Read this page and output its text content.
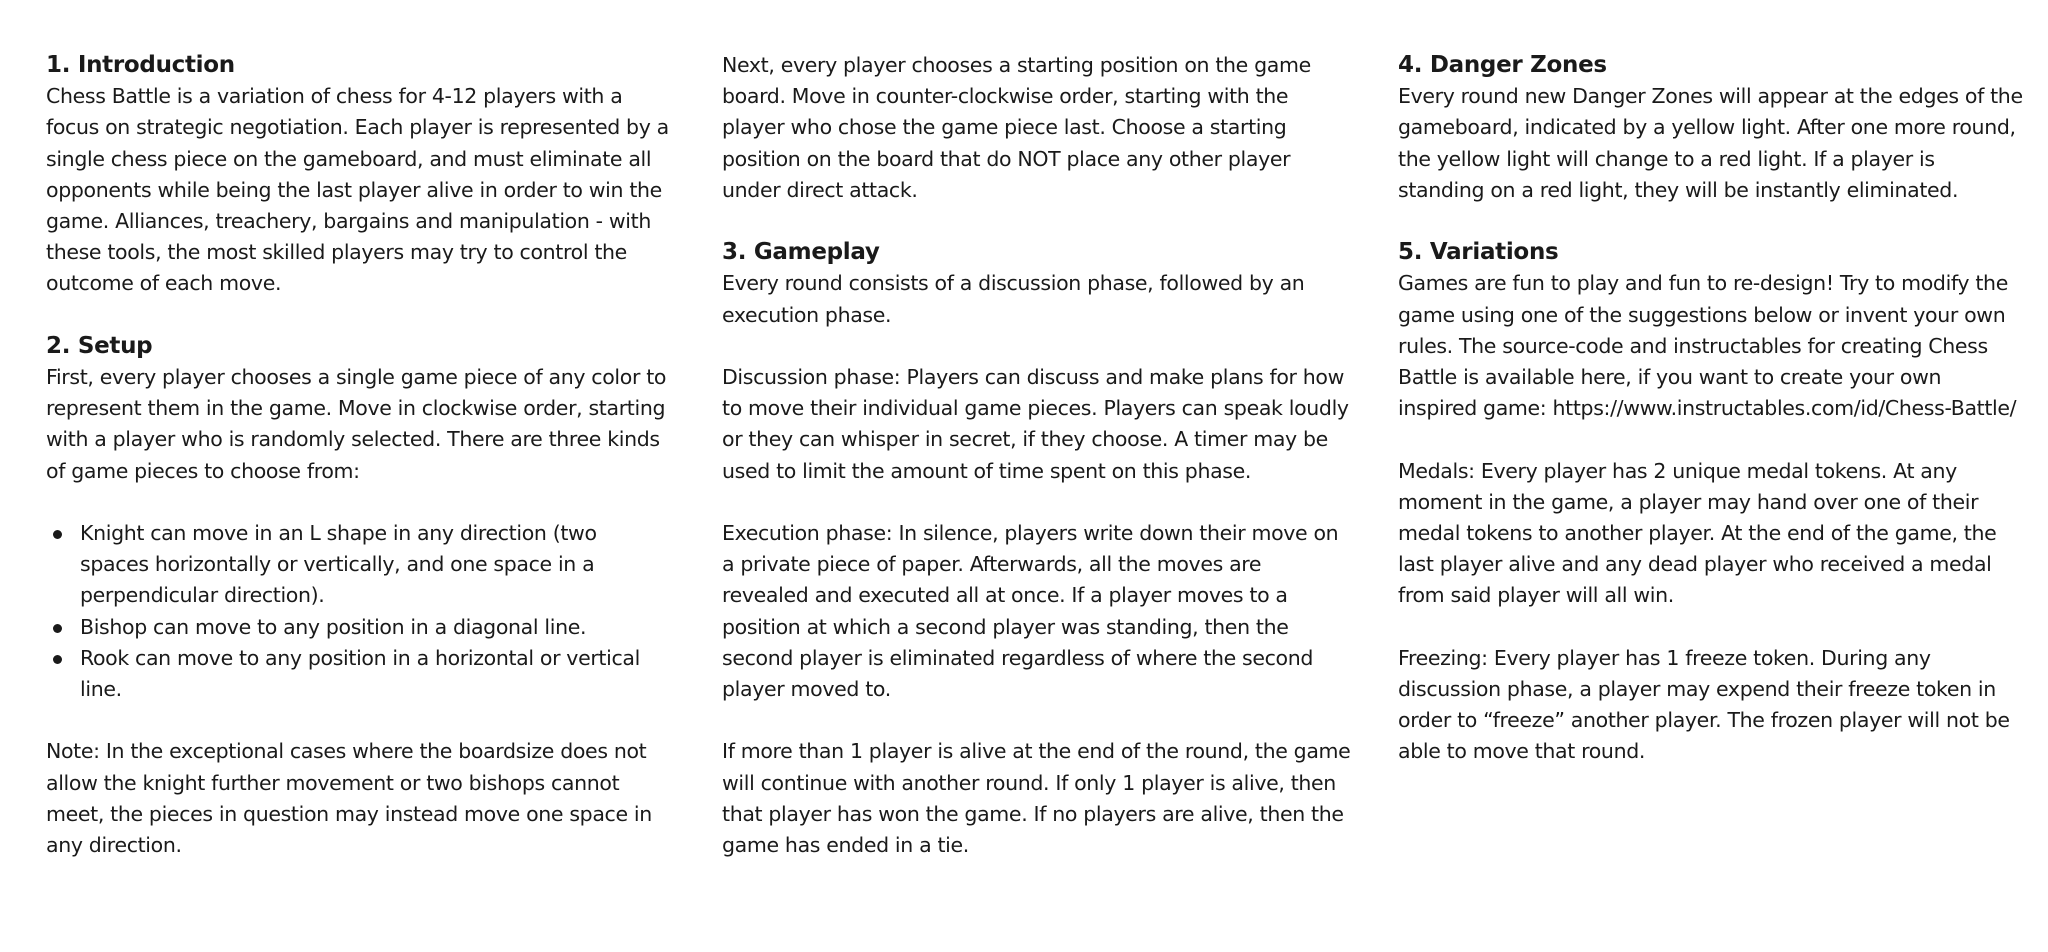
1. Introduction
Chess Battle is a variation of chess for 4-12 players with a focus on strategic negotiation. Each player is represented by a single chess piece on the gameboard, and must eliminate all opponents while being the last player alive in order to win the game. Alliances, treachery, bargains and manipulation - with these tools, the most skilled players may try to control the outcome of each move.
2. Setup
First, every player chooses a single game piece of any color to represent them in the game. Move in clockwise order, starting with a player who is randomly selected. There are three kinds of game pieces to choose from:
Knight can move in an L shape in any direction (two spaces horizontally or vertically, and one space in a perpendicular direction).
Bishop can move to any position in a diagonal line.
Rook can move to any position in a horizontal or vertical line.
Note: In the exceptional cases where the boardsize does not allow the knight further movement or two bishops cannot meet, the pieces in question may instead move one space in any direction.
Next, every player chooses a starting position on the game board. Move in counter-clockwise order, starting with the player who chose the game piece last. Choose a starting position on the board that do NOT place any other player under direct attack.
3. Gameplay
Every round consists of a discussion phase, followed by an execution phase.
Discussion phase: Players can discuss and make plans for how to move their individual game pieces. Players can speak loudly or they can whisper in secret, if they choose. A timer may be used to limit the amount of time spent on this phase.
Execution phase: In silence, players write down their move on a private piece of paper. Afterwards, all the moves are revealed and executed all at once. If a player moves to a position at which a second player was standing, then the second player is eliminated regardless of where the second player moved to.
If more than 1 player is alive at the end of the round, the game will continue with another round. If only 1 player is alive, then that player has won the game. If no players are alive, then the game has ended in a tie.
4. Danger Zones
Every round new Danger Zones will appear at the edges of the gameboard, indicated by a yellow light. After one more round, the yellow light will change to a red light. If a player is standing on a red light, they will be instantly eliminated.
5. Variations
Games are fun to play and fun to re-design! Try to modify the game using one of the suggestions below or invent your own rules. The source-code and instructables for creating Chess Battle is available here, if you want to create your own inspired game: https://www.instructables.com/id/Chess-Battle/
Medals: Every player has 2 unique medal tokens. At any moment in the game, a player may hand over one of their medal tokens to another player. At the end of the game, the last player alive and any dead player who received a medal from said player will all win.
Freezing: Every player has 1 freeze token. During any discussion phase, a player may expend their freeze token in order to “freeze” another player. The frozen player will not be able to move that round.
